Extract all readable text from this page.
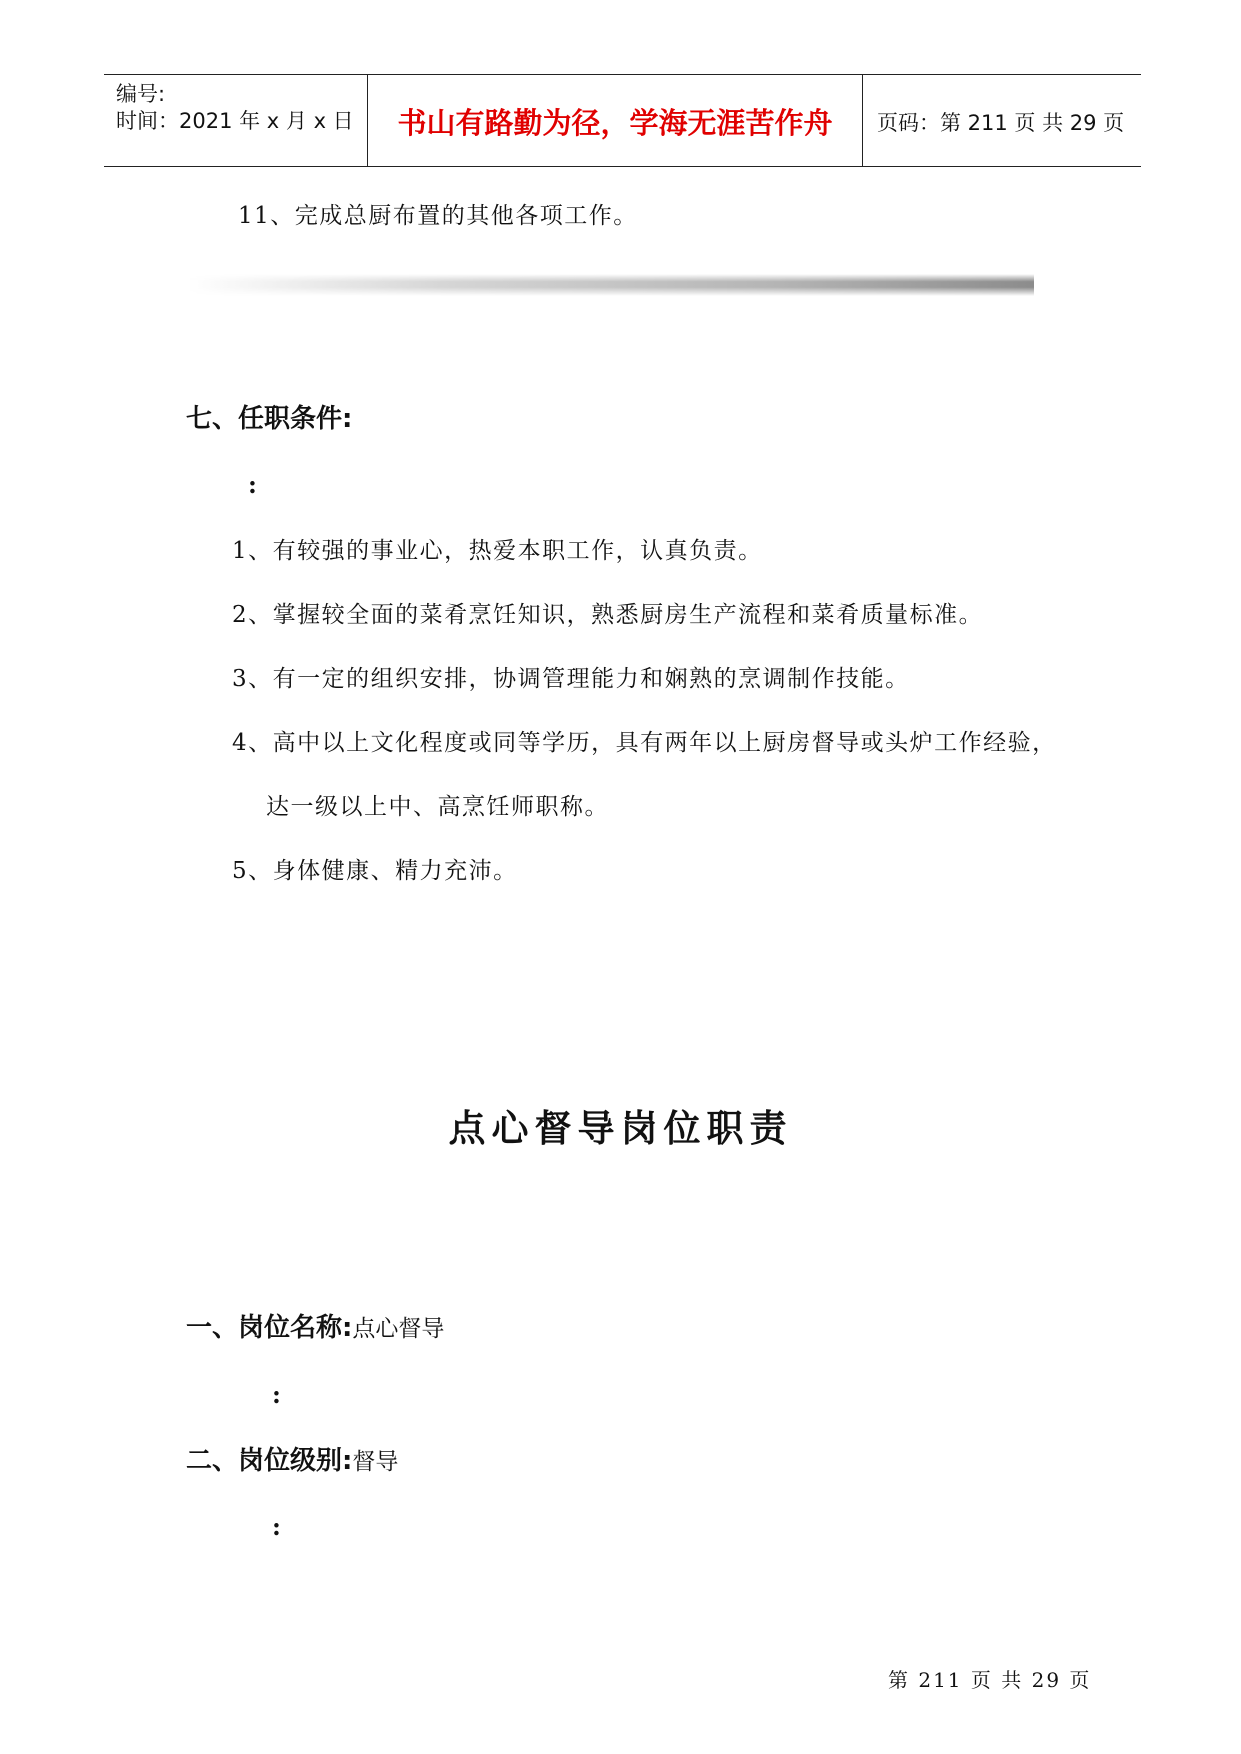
编号:
时间：2021 年 x 月 x 日	书山有路勤为径，学海无涯苦作舟	页码：第 211 页 共 29 页
11、完成总厨布置的其他各项工作。
七、任职条件:
:
1、有较强的事业心，热爱本职工作，认真负责。
2、掌握较全面的菜肴烹饪知识，熟悉厨房生产流程和菜肴质量标准。
3、有一定的组织安排，协调管理能力和娴熟的烹调制作技能。
4、高中以上文化程度或同等学历，具有两年以上厨房督导或头炉工作经验，
达一级以上中、高烹饪师职称。
5、身体健康、精力充沛。
点心督导岗位职责
一、岗位名称:点心督导
:
二、岗位级别:督导
:
第 211 页 共 29 页
